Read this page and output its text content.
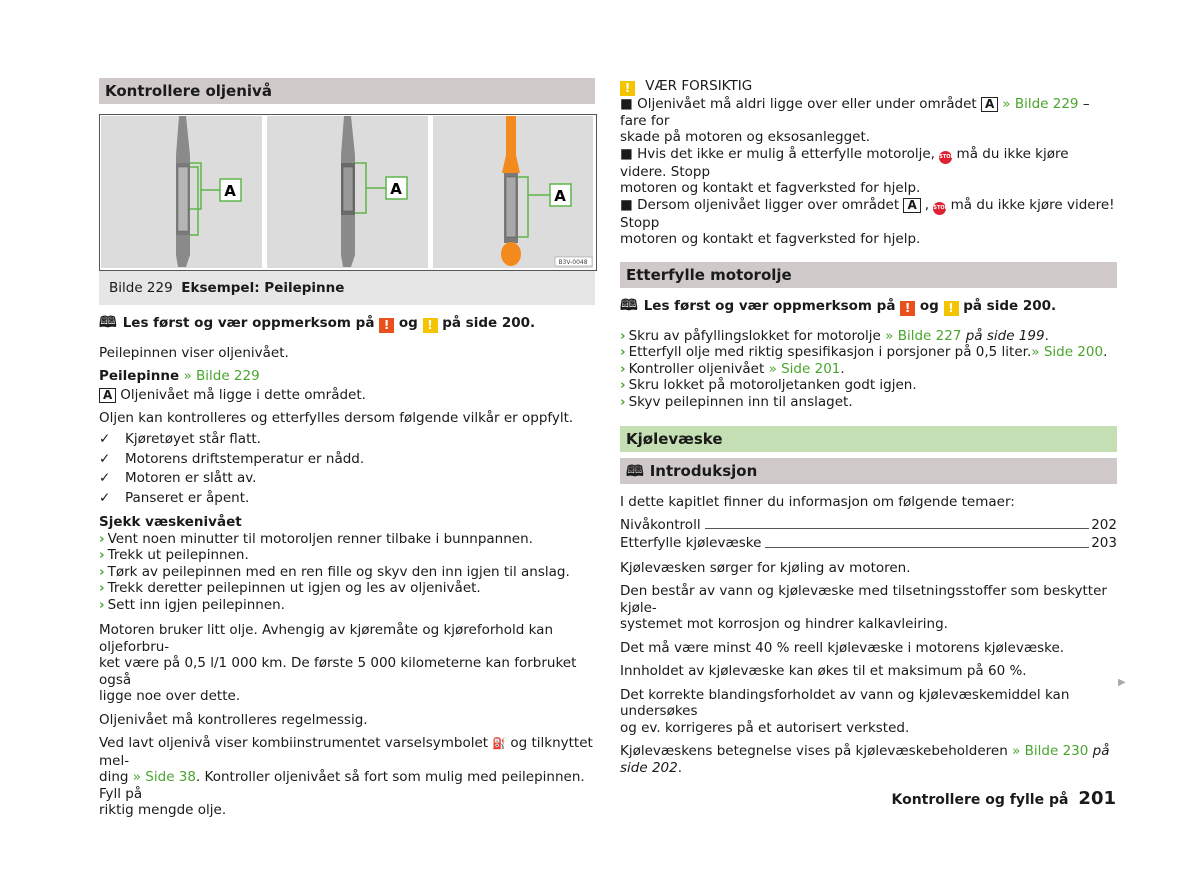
Kontrollere oljenivå
A	A	A
B3V-0048
Bilde 229 Eksempel: Peilepinne

🕮 Les først og vær oppmerksom på ! og ! på side 200.

Peilepinnen viser oljenivået.

Peilepinne » Bilde 229

A Oljenivået må ligge i dette området.

Oljen kan kontrolleres og etterfylles dersom følgende vilkår er oppfylt.

✓ Kjøretøyet står flatt.
✓ Motorens driftstemperatur er nådd.
✓ Motoren er slått av.
✓ Panseret er åpent.

Sjekk væskenivået

› Vent noen minutter til motoroljen renner tilbake i bunnpannen.
› Trekk ut peilepinnen.
› Tørk av peilepinnen med en ren fille og skyv den inn igjen til anslag.
› Trekk deretter peilepinnen ut igjen og les av oljenivået.
› Sett inn igjen peilepinnen.
Motoren bruker litt olje. Avhengig av kjøremåte og kjøreforhold kan oljeforbru-
ket være på 0,5 l/1 000 km. De første 5 000 kilometerne kan forbruket også
ligge noe over dette.

Oljenivået må kontrolleres regelmessig.

Ved lavt oljenivå viser kombiinstrumentet varselsymbolet ⛽ og tilknyttet mel-
ding » Side 38. Kontroller oljenivået så fort som mulig med peilepinnen. Fyll på
riktig mengde olje.
! VÆR FORSIKTIG
■ Oljenivået må aldri ligge over eller under området A » Bilde 229 – fare for
skade på motoren og eksosanlegget.
■ Hvis det ikke er mulig å etterfylle motorolje, STOP må du ikke kjøre videre. Stopp
motoren og kontakt et fagverksted for hjelp.
■ Dersom oljenivået ligger over området A , STOP må du ikke kjøre videre! Stopp
motoren og kontakt et fagverksted for hjelp.
Etterfylle motorolje

🕮 Les først og vær oppmerksom på ! og ! på side 200.

› Skru av påfyllingslokket for motorolje » Bilde 227 på side 199.
› Etterfyll olje med riktig spesifikasjon i porsjoner på 0,5 liter.» Side 200.
› Kontroller oljenivået » Side 201.
› Skru lokket på motoroljetanken godt igjen.
› Skyv peilepinnen inn til anslaget.
Kjølevæske
🕮 Introduksjon

I dette kapitlet finner du informasjon om følgende temaer:

Nivåkontroll	202
Etterfylle kjølevæske	203

Kjølevæsken sørger for kjøling av motoren.

Den består av vann og kjølevæske med tilsetningsstoffer som beskytter kjøle-
systemet mot korrosjon og hindrer kalkavleiring.

Det må være minst 40 % reell kjølevæske i motorens kjølevæske.

Innholdet av kjølevæske kan økes til et maksimum på 60 %.

Det korrekte blandingsforholdet av vann og kjølevæskemiddel kan undersøkes
og ev. korrigeres på et autorisert verksted.
Kjølevæskens betegnelse vises på kjølevæskebeholderen » Bilde 230 på
side 202.
▶
Kontrollere og fylle på 201
